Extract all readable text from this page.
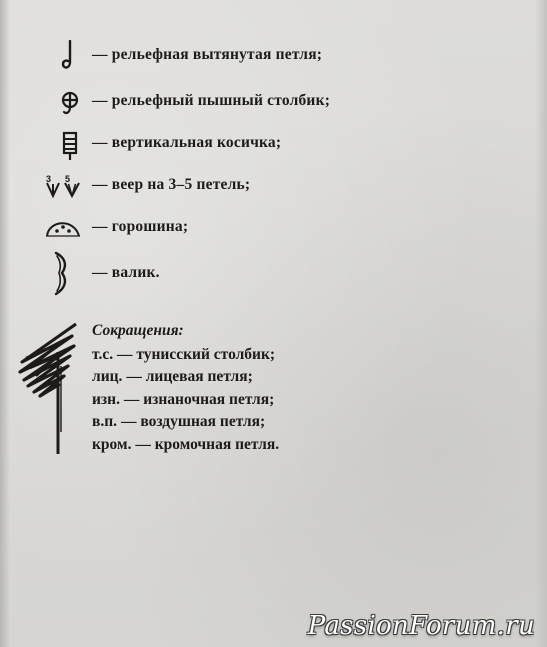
— рельефная вытянутая петля;
— рельефный пышный столбик;
— вертикальная косичка;
3 5 — веер на 3–5 петель;
— горошина;
— валик.
Сокращения:
т.с. — тунисский столбик;
лиц. — лицевая петля;
изн. — изнаночная петля;
в.п. — воздушная петля;
кром. — кромочная петля.
PassionForum.ru
